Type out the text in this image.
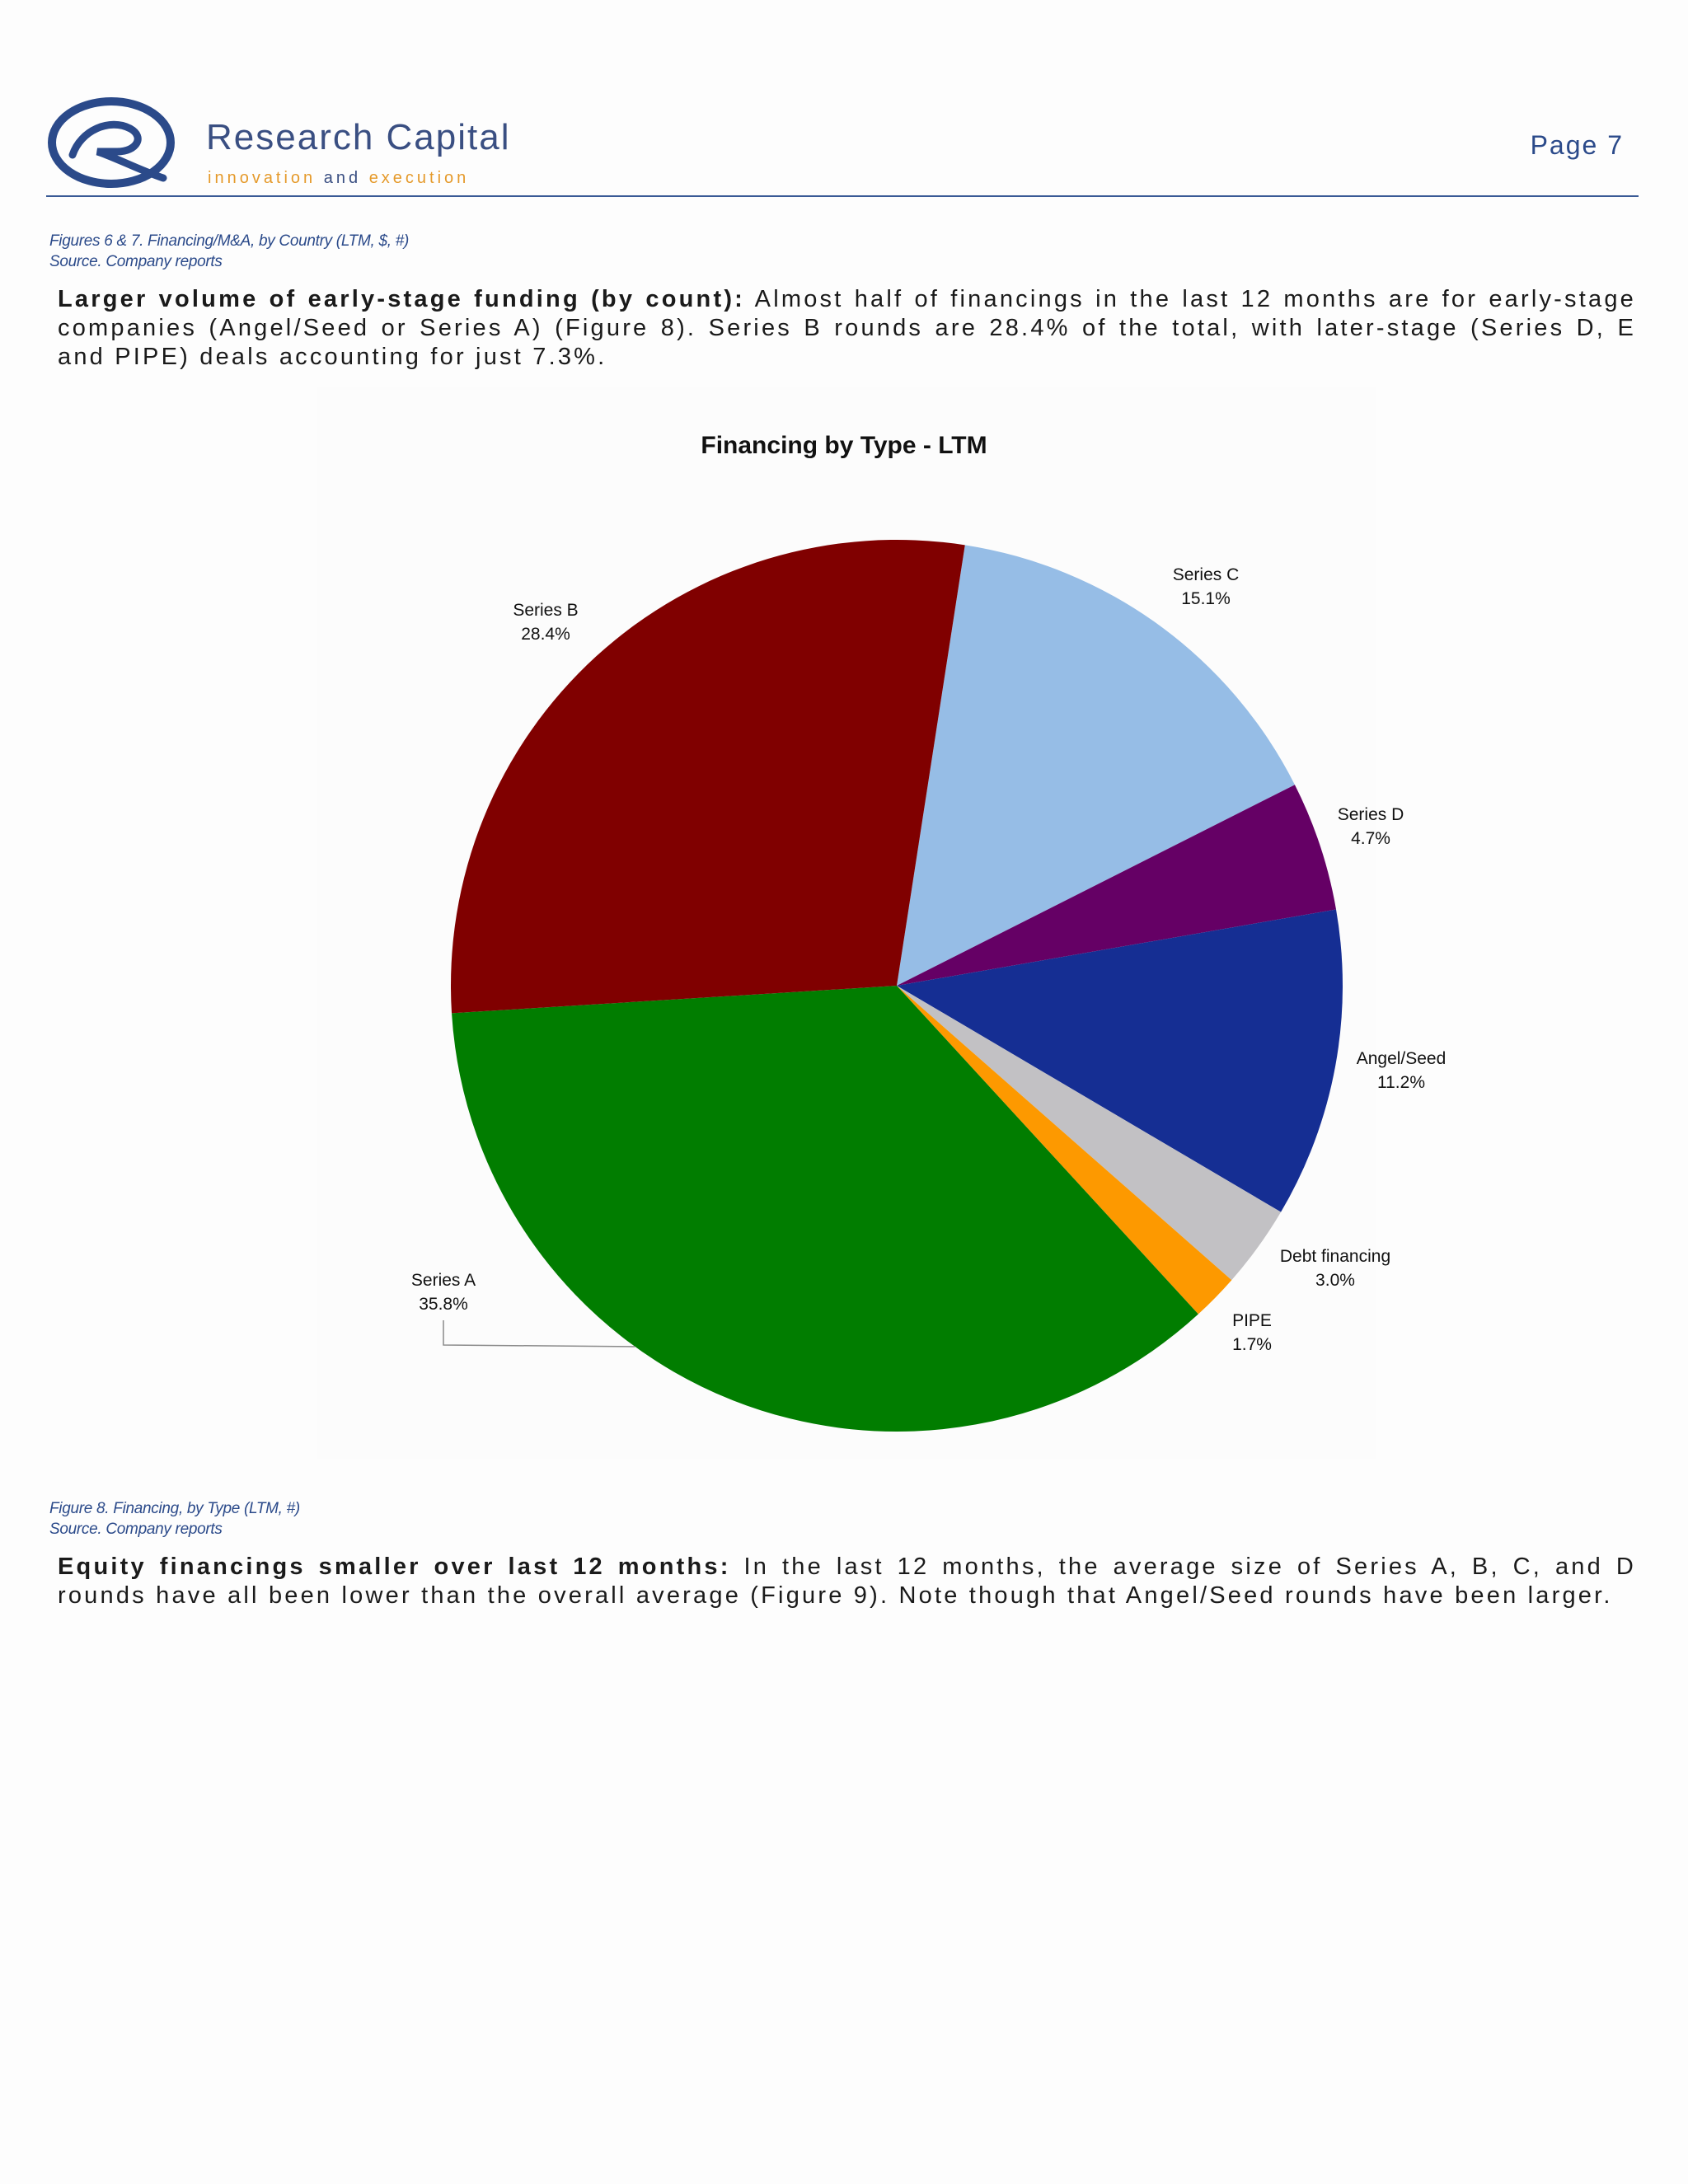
Research Capital
innovation and execution
Page 7
Figures 6 & 7. Financing/M&A, by Country (LTM, $, #)
Source. Company reports

Larger volume of early-stage funding (by count): Almost half of financings in the last 12 months are for early-stage companies (Angel/Seed or Series A) (Figure 8). Series B rounds are 28.4% of the total, with later-stage (Series D, E and PIPE) deals accounting for just 7.3%.

Financing by Type - LTM
Series C
15.1%
Series D
4.7%
Angel/Seed
11.2%
Debt financing
3.0%
PIPE
1.7%
Series A
35.8%
Series B
28.4%
Figure 8. Financing, by Type (LTM, #)
Source. Company reports

Equity financings smaller over last 12 months: In the last 12 months, the average size of Series A, B, C, and D rounds have all been lower than the overall average (Figure 9). Note though that Angel/Seed rounds have been larger.
